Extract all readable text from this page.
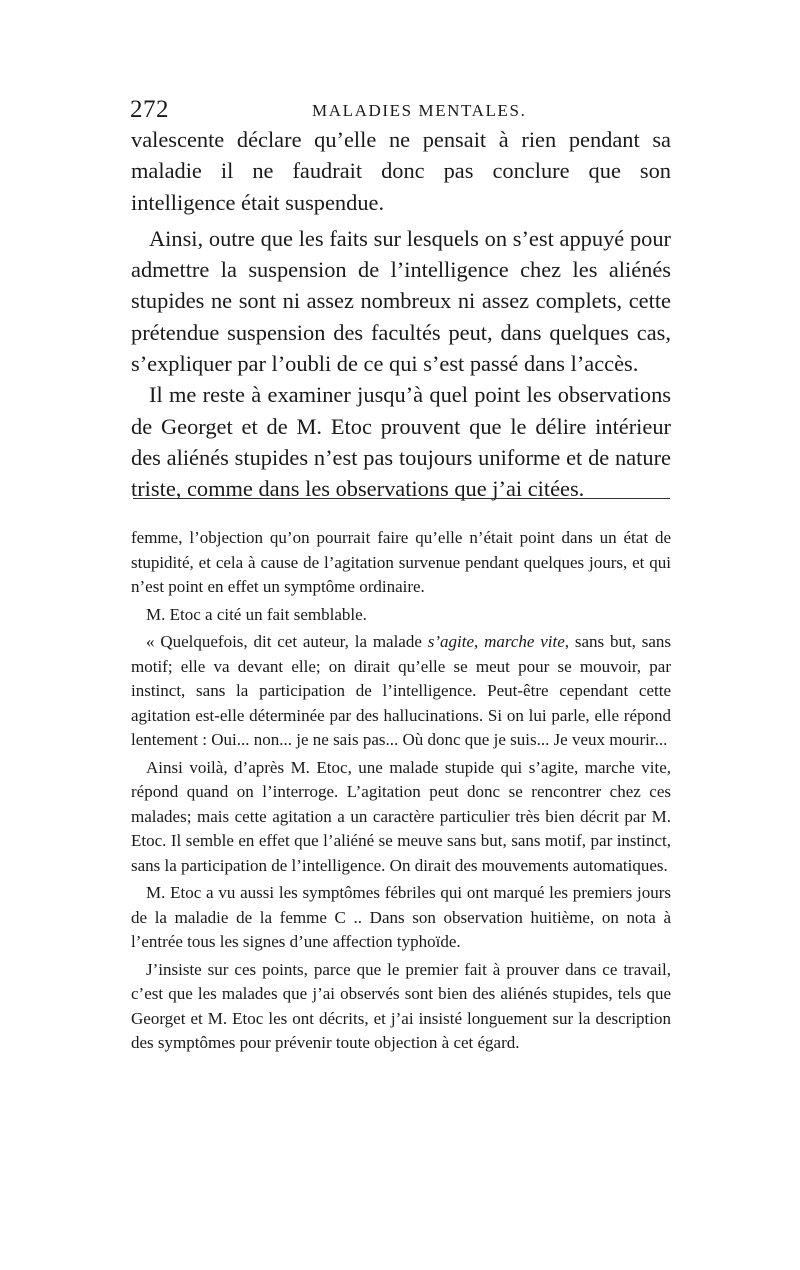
272	MALADIES MENTALES.

valescente déclare qu’elle ne pensait à rien pendant sa maladie il ne faudrait donc pas conclure que son intelligence était suspendue.

Ainsi, outre que les faits sur lesquels on s’est appuyé pour admettre la suspension de l’intelligence chez les aliénés stupides ne sont ni assez nombreux ni assez complets, cette prétendue suspension des facultés peut, dans quelques cas, s’expliquer par l’oubli de ce qui s’est passé dans l’accès.

Il me reste à examiner jusqu’à quel point les observations de Georget et de M. Etoc prouvent que le délire intérieur des aliénés stupides n’est pas toujours uniforme et de nature triste, comme dans les observations que j’ai citées.

femme, l’objection qu’on pourrait faire qu’elle n’était point dans un état de stupidité, et cela à cause de l’agitation survenue pendant quelques jours, et qui n’est point en effet un symptôme ordinaire.

M. Etoc a cité un fait semblable.

« Quelquefois, dit cet auteur, la malade s’agite, marche vite, sans but, sans motif; elle va devant elle; on dirait qu’elle se meut pour se mouvoir, par instinct, sans la participation de l’intelligence. Peut-être cependant cette agitation est-elle déterminée par des hallucinations. Si on lui parle, elle répond lentement : Oui... non... je ne sais pas... Où donc que je suis... Je veux mourir...

Ainsi voilà, d’après M. Etoc, une malade stupide qui s’agite, marche vite, répond quand on l’interroge. L’agitation peut donc se rencontrer chez ces malades; mais cette agitation a un caractère particulier très bien décrit par M. Etoc. Il semble en effet que l’aliéné se meuve sans but, sans motif, par instinct, sans la participation de l’intelligence. On dirait des mouvements automatiques.

M. Etoc a vu aussi les symptômes fébriles qui ont marqué les premiers jours de la maladie de la femme C .. Dans son observation huitième, on nota à l’entrée tous les signes d’une affection typhoïde.

J’insiste sur ces points, parce que le premier fait à prouver dans ce travail, c’est que les malades que j’ai observés sont bien des aliénés stupides, tels que Georget et M. Etoc les ont décrits, et j’ai insisté longuement sur la description des symptômes pour prévenir toute objection à cet égard.
